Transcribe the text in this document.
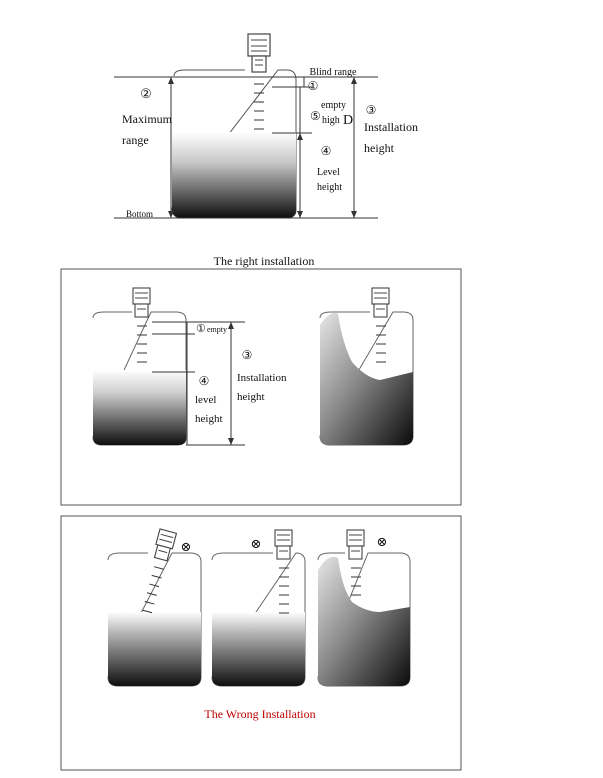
Blind range
①
②
Maximum
range
empty
⑤ high D
③
Installation
height
④
Level
height
Bottom
The right installation
① empty
③
Installation
height
④
level
height
⊗	⊗	⊗
The Wrong Installation
